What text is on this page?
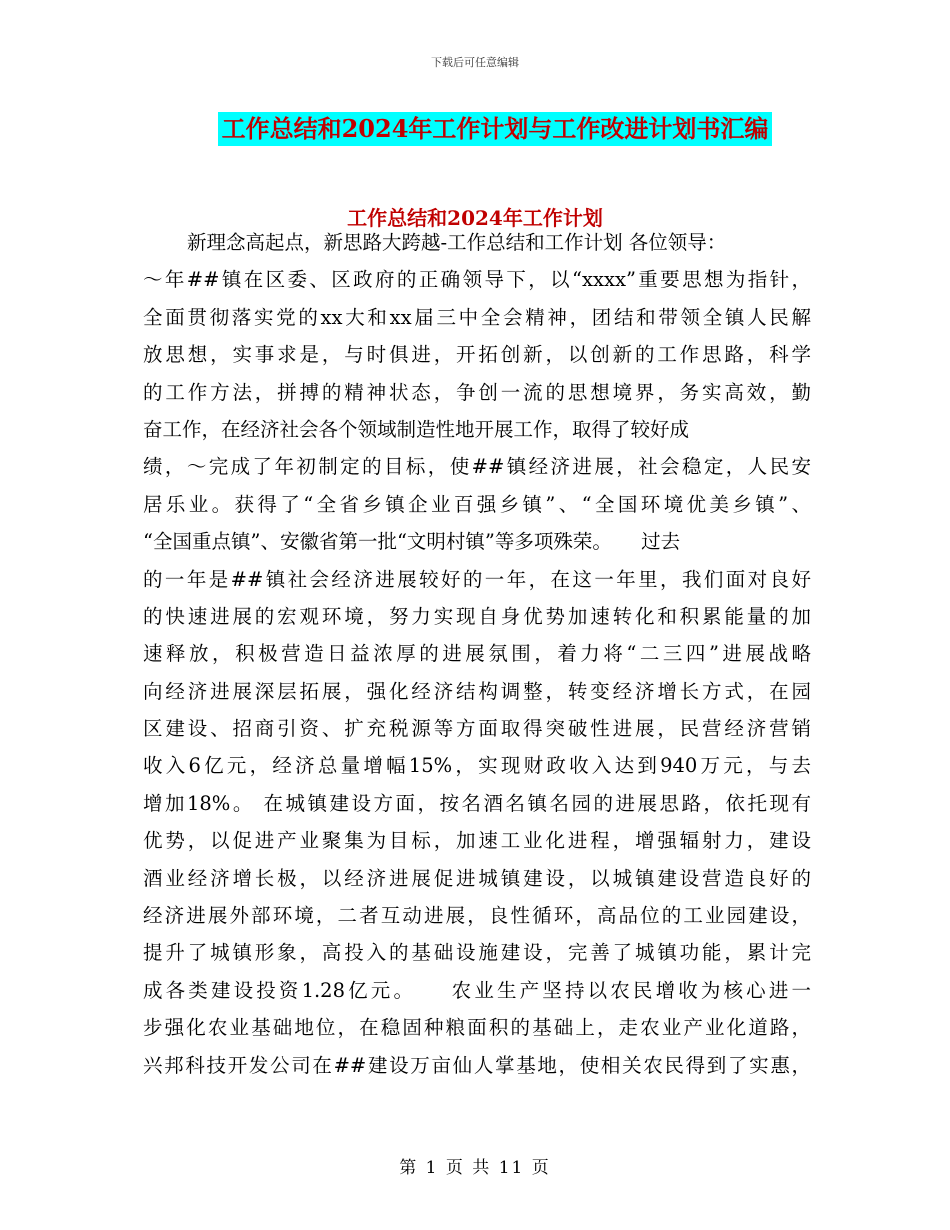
下载后可任意编辑
工作总结和2024年工作计划与工作改进计划书汇编
工作总结和2024年工作计划
新理念高起点，新思路大跨越-工作总结和工作计划 各位领导：
～年##镇在区委、区政府的正确领导下，以“xxxx”重要思想为指针，
全面贯彻落实党的xx大和xx届三中全会精神，团结和带领全镇人民解
放思想，实事求是，与时俱进，开拓创新，以创新的工作思路，科学
的工作方法，拼搏的精神状态，争创一流的思想境界，务实高效，勤
奋工作，在经济社会各个领域制造性地开展工作，取得了较好成
绩，～完成了年初制定的目标，使##镇经济进展，社会稳定，人民安
居乐业。获得了“全省乡镇企业百强乡镇”、“全国环境优美乡镇”、
“全国重点镇”、安徽省第一批“文明村镇”等多项殊荣。　　过去
的一年是##镇社会经济进展较好的一年，在这一年里，我们面对良好
的快速进展的宏观环境，努力实现自身优势加速转化和积累能量的加
速释放，积极营造日益浓厚的进展氛围，着力将“二三四”进展战略
向经济进展深层拓展，强化经济结构调整，转变经济增长方式，在园
区建设、招商引资、扩充税源等方面取得突破性进展，民营经济营销
收入6亿元，经济总量增幅15%，实现财政收入达到940万元，与去
增加18%。 在城镇建设方面，按名酒名镇名园的进展思路，依托现有
优势，以促进产业聚集为目标，加速工业化进程，增强辐射力，建设
酒业经济增长极，以经济进展促进城镇建设，以城镇建设营造良好的
经济进展外部环境，二者互动进展，良性循环，高品位的工业园建设，
提升了城镇形象，高投入的基础设施建设，完善了城镇功能，累计完
成各类建设投资1.28亿元。　　农业生产坚持以农民增收为核心进一
步强化农业基础地位，在稳固种粮面积的基础上，走农业产业化道路，
兴邦科技开发公司在##建设万亩仙人掌基地，使相关农民得到了实惠，
第 1 页 共 11 页
